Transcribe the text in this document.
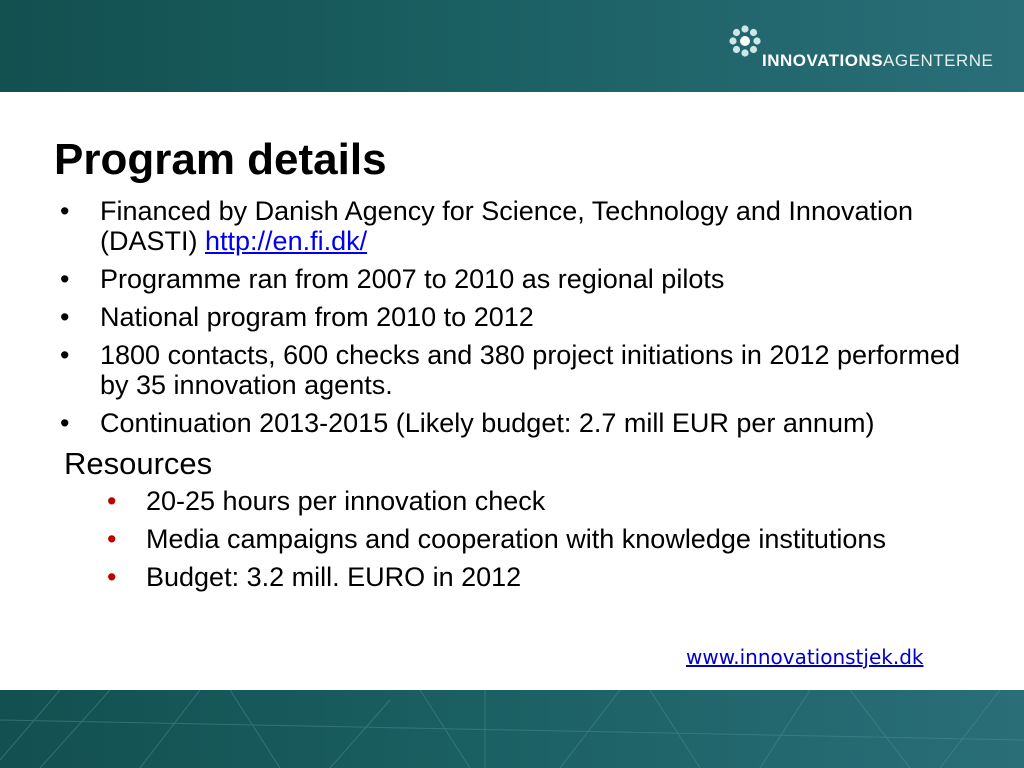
INNOVATIONSAGENTERNE
Program details
• Financed by Danish Agency for Science, Technology and Innovation (DASTI) http://en.fi.dk/
• Programme ran from 2007 to 2010 as regional pilots
• National program from 2010 to 2012
• 1800 contacts, 600 checks and 380 project initiations in 2012 performed by 35 innovation agents.
• Continuation 2013-2015 (Likely budget: 2.7 mill EUR per annum)
Resources
• 20-25 hours per innovation check
• Media campaigns and cooperation with knowledge institutions
• Budget: 3.2 mill. EURO in 2012
www.innovationstjek.dk
